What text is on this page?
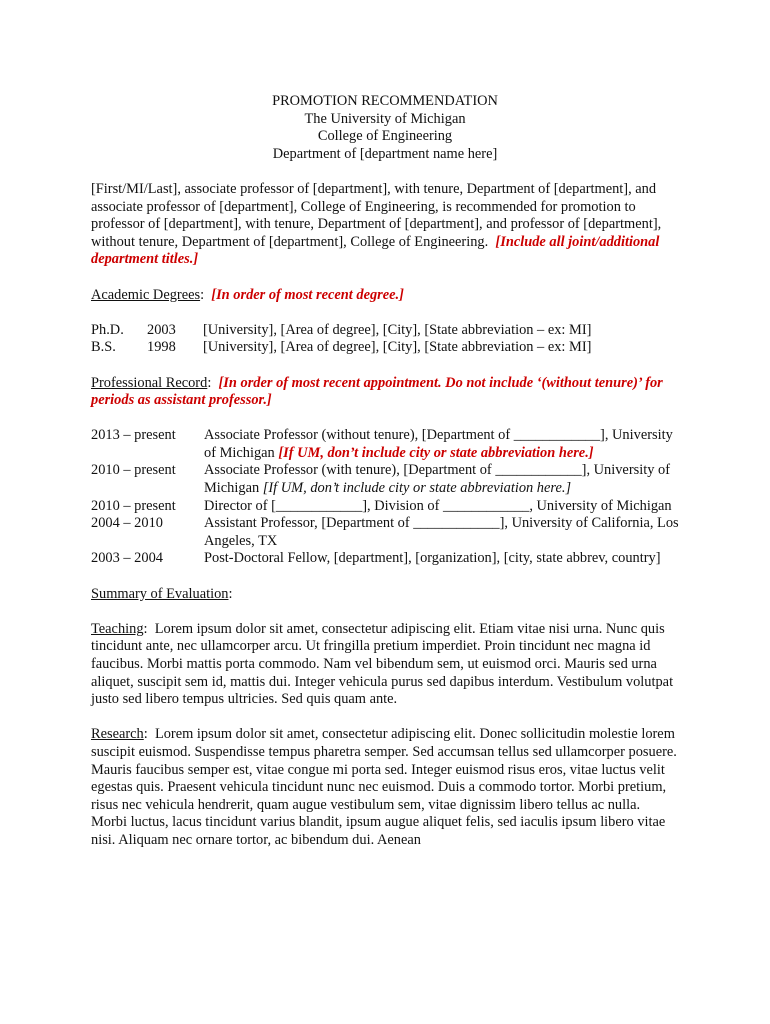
PROMOTION RECOMMENDATION
The University of Michigan
College of Engineering
Department of [department name here]

[First/MI/Last], associate professor of [department], with tenure, Department of [department], and associate professor of [department], College of Engineering, is recommended for promotion to professor of [department], with tenure, Department of [department], and professor of [department], without tenure, Department of [department], College of Engineering. [Include all joint/additional department titles.]

Academic Degrees: [In order of most recent degree.]

Ph.D.	2003	[University], [Area of degree], [City], [State abbreviation – ex: MI]
B.S.	1998	[University], [Area of degree], [City], [State abbreviation – ex: MI]

Professional Record: [In order of most recent appointment. Do not include ‘(without tenure)’ for periods as assistant professor.]

2013 – present	Associate Professor (without tenure), [Department of ____________], University of Michigan [If UM, don’t include city or state abbreviation here.]
2010 – present	Associate Professor (with tenure), [Department of ____________], University of Michigan [If UM, don’t include city or state abbreviation here.]
2010 – present	Director of [____________], Division of ____________, University of Michigan
2004 – 2010	Assistant Professor, [Department of ____________], University of California, Los Angeles, TX
2003 – 2004	Post-Doctoral Fellow, [department], [organization], [city, state abbrev, country]

Summary of Evaluation:

Teaching:  Lorem ipsum dolor sit amet, consectetur adipiscing elit. Etiam vitae nisi urna. Nunc quis tincidunt ante, nec ullamcorper arcu. Ut fringilla pretium imperdiet. Proin tincidunt nec magna id faucibus. Morbi mattis porta commodo. Nam vel bibendum sem, ut euismod orci. Mauris sed urna aliquet, suscipit sem id, mattis dui. Integer vehicula purus sed dapibus interdum. Vestibulum volutpat justo sed libero tempus ultricies. Sed quis quam ante.

Research:  Lorem ipsum dolor sit amet, consectetur adipiscing elit. Donec sollicitudin molestie lorem suscipit euismod. Suspendisse tempus pharetra semper. Sed accumsan tellus sed ullamcorper posuere. Mauris faucibus semper est, vitae congue mi porta sed. Integer euismod risus eros, vitae luctus velit egestas quis. Praesent vehicula tincidunt nunc nec euismod. Duis a commodo tortor. Morbi pretium, risus nec vehicula hendrerit, quam augue vestibulum sem, vitae dignissim libero tellus ac nulla. Morbi luctus, lacus tincidunt varius blandit, ipsum augue aliquet felis, sed iaculis ipsum libero vitae nisi. Aliquam nec ornare tortor, ac bibendum dui. Aenean
